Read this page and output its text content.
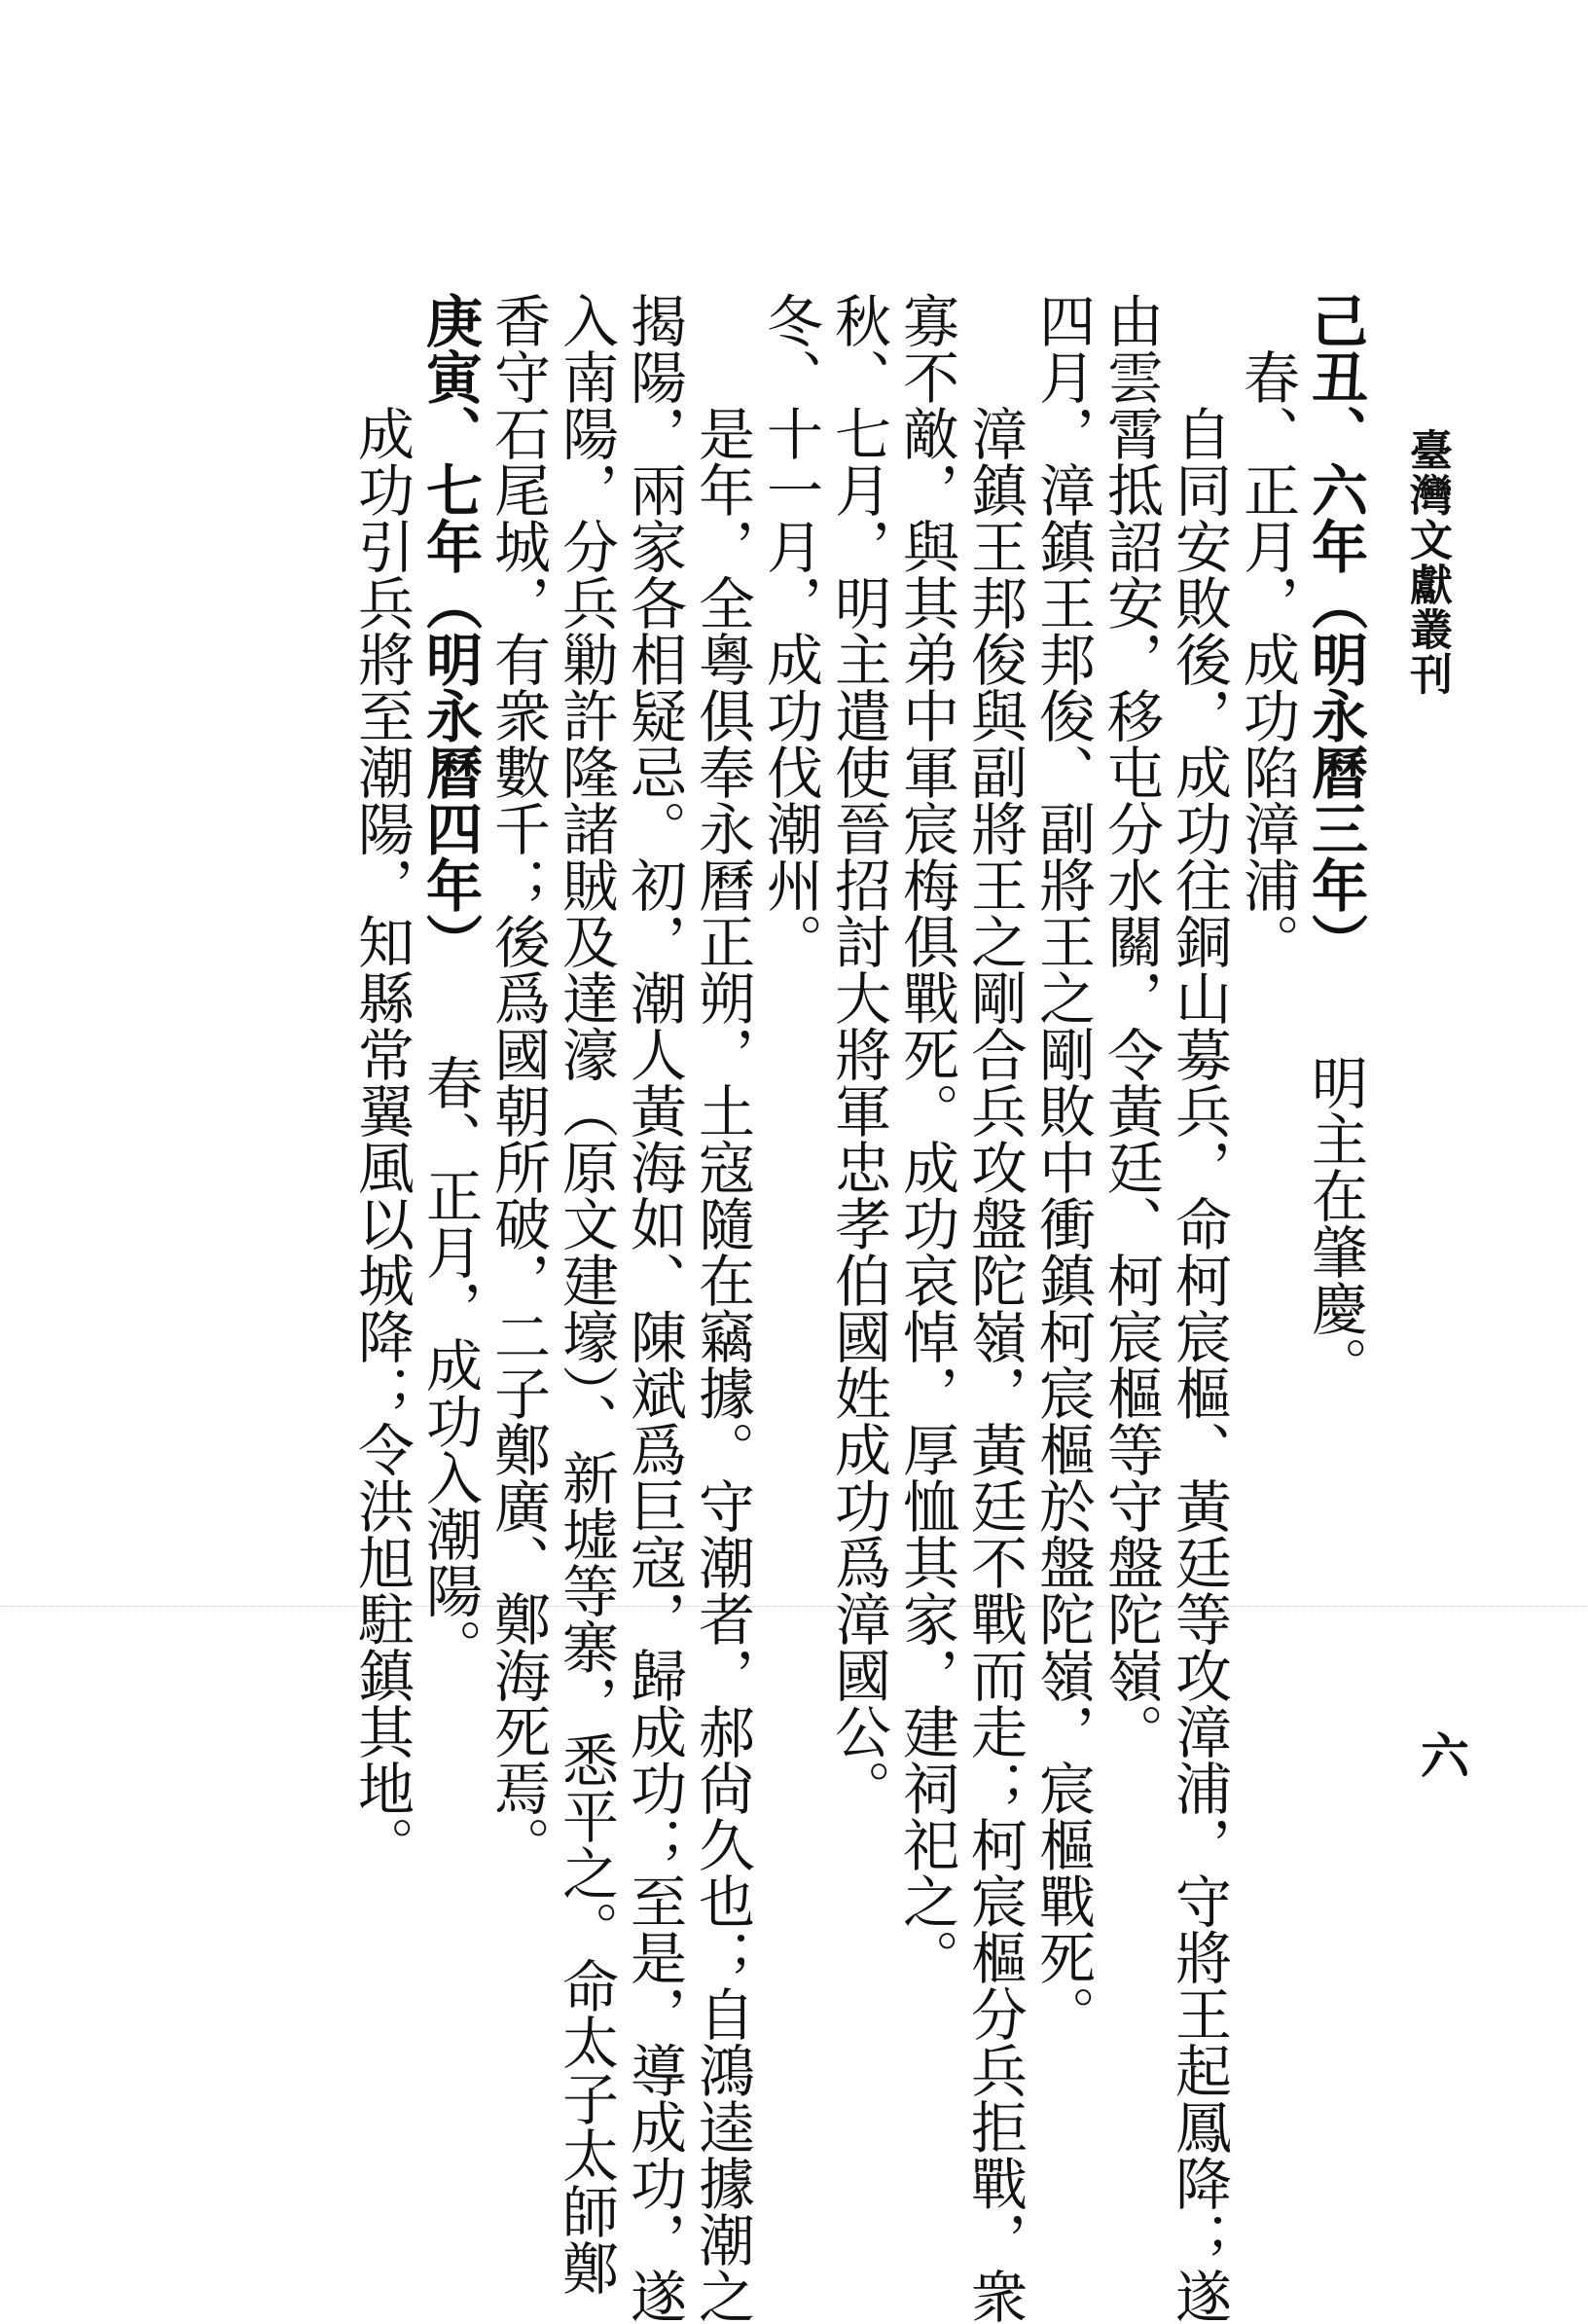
臺灣文獻叢刊
六
己丑、六年（明永曆三年）　　明主在肇慶。
春、正月，成功陷漳浦。
自同安敗後，成功往銅山募兵，命柯宸樞、黃廷等攻漳浦，守將王起鳳降；遂
由雲霄抵詔安，移屯分水關，令黃廷、柯宸樞等守盤陀嶺。
四月，漳鎮王邦俊、副將王之剛敗中衝鎮柯宸樞於盤陀嶺，宸樞戰死。
漳鎮王邦俊與副將王之剛合兵攻盤陀嶺，黃廷不戰而走；柯宸樞分兵拒戰，衆
寡不敵，與其弟中軍宸梅俱戰死。成功哀悼，厚恤其家，建祠祀之。
秋、七月，明主遣使晉招討大將軍忠孝伯國姓成功爲漳國公。
冬、十一月，成功伐潮州。
是年，全粵俱奉永曆正朔，土寇隨在竊據。守潮者，郝尙久也；自鴻逵據潮之
揭陽，兩家各相疑忌。初，潮人黃海如、陳斌爲巨寇，歸成功；至是，導成功，遂
入南陽，分兵勦許隆諸賊及達濠（原文建壕）、新墟等寨，悉平之。命太子太師鄭
香守石尾城，有衆數千；後爲國朝所破，二子鄭廣、鄭海死焉。
庚寅、七年（明永曆四年）　　春、正月，成功入潮陽。
成功引兵將至潮陽，知縣常翼風以城降；令洪旭駐鎮其地。
